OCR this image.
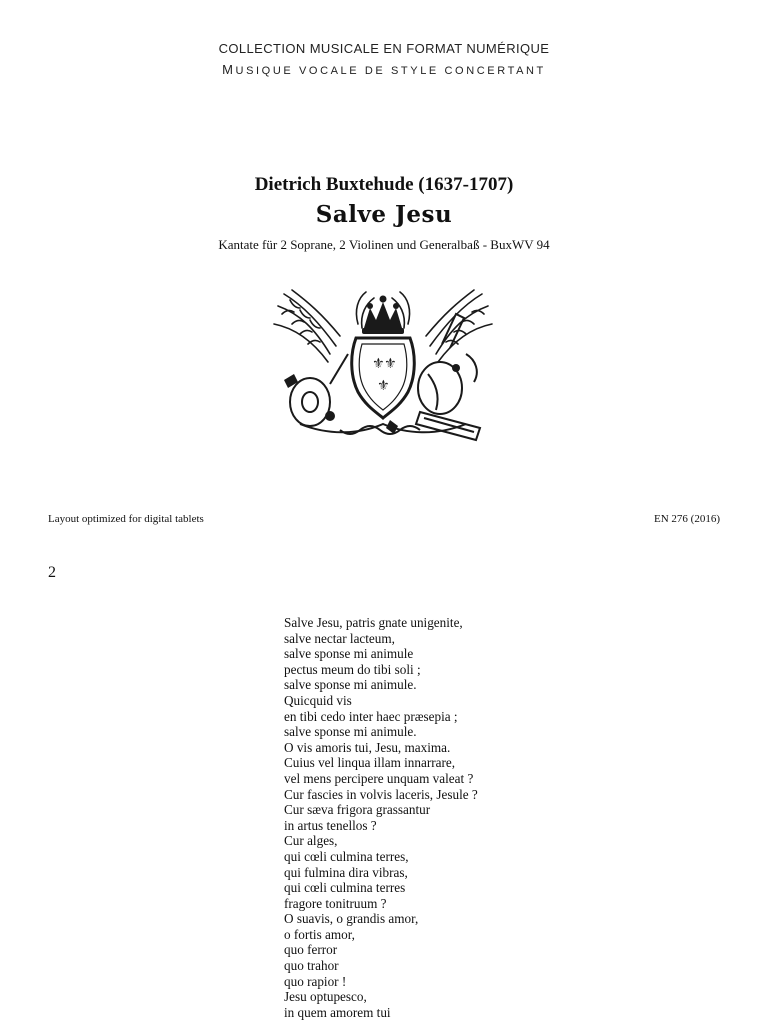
COLLECTION MUSICALE EN FORMAT NUMÉRIQUE
MUSIQUE VOCALE DE STYLE CONCERTANT
Dietrich Buxtehude (1637-1707)
Salve Jesu
Kantate für 2 Soprane, 2 Violinen und Generalbaß - BuxWV 94
⚜ ⚜
⚜
Layout optimized for digital tablets	EN 276 (2016)
2
Salve Jesu, patris gnate unigenite,
salve nectar lacteum,
salve sponse mi animule
pectus meum do tibi soli ;
salve sponse mi animule.
Quicquid vis
en tibi cedo inter haec præsepia ;
salve sponse mi animule.
O vis amoris tui, Jesu, maxima.
Cuius vel linqua illam innarrare,
vel mens percipere unquam valeat ?
Cur fascies in volvis laceris, Jesule ?
Cur sæva frigora grassantur
in artus tenellos ?
Cur alges,
qui cœli culmina terres,
qui fulmina dira vibras,
qui cœli culmina terres
fragore tonitruum ?
O suavis, o grandis amor,
o fortis amor,
quo ferror
quo trahor
quo rapior !
Jesu optupesco,
in quem amorem tui
